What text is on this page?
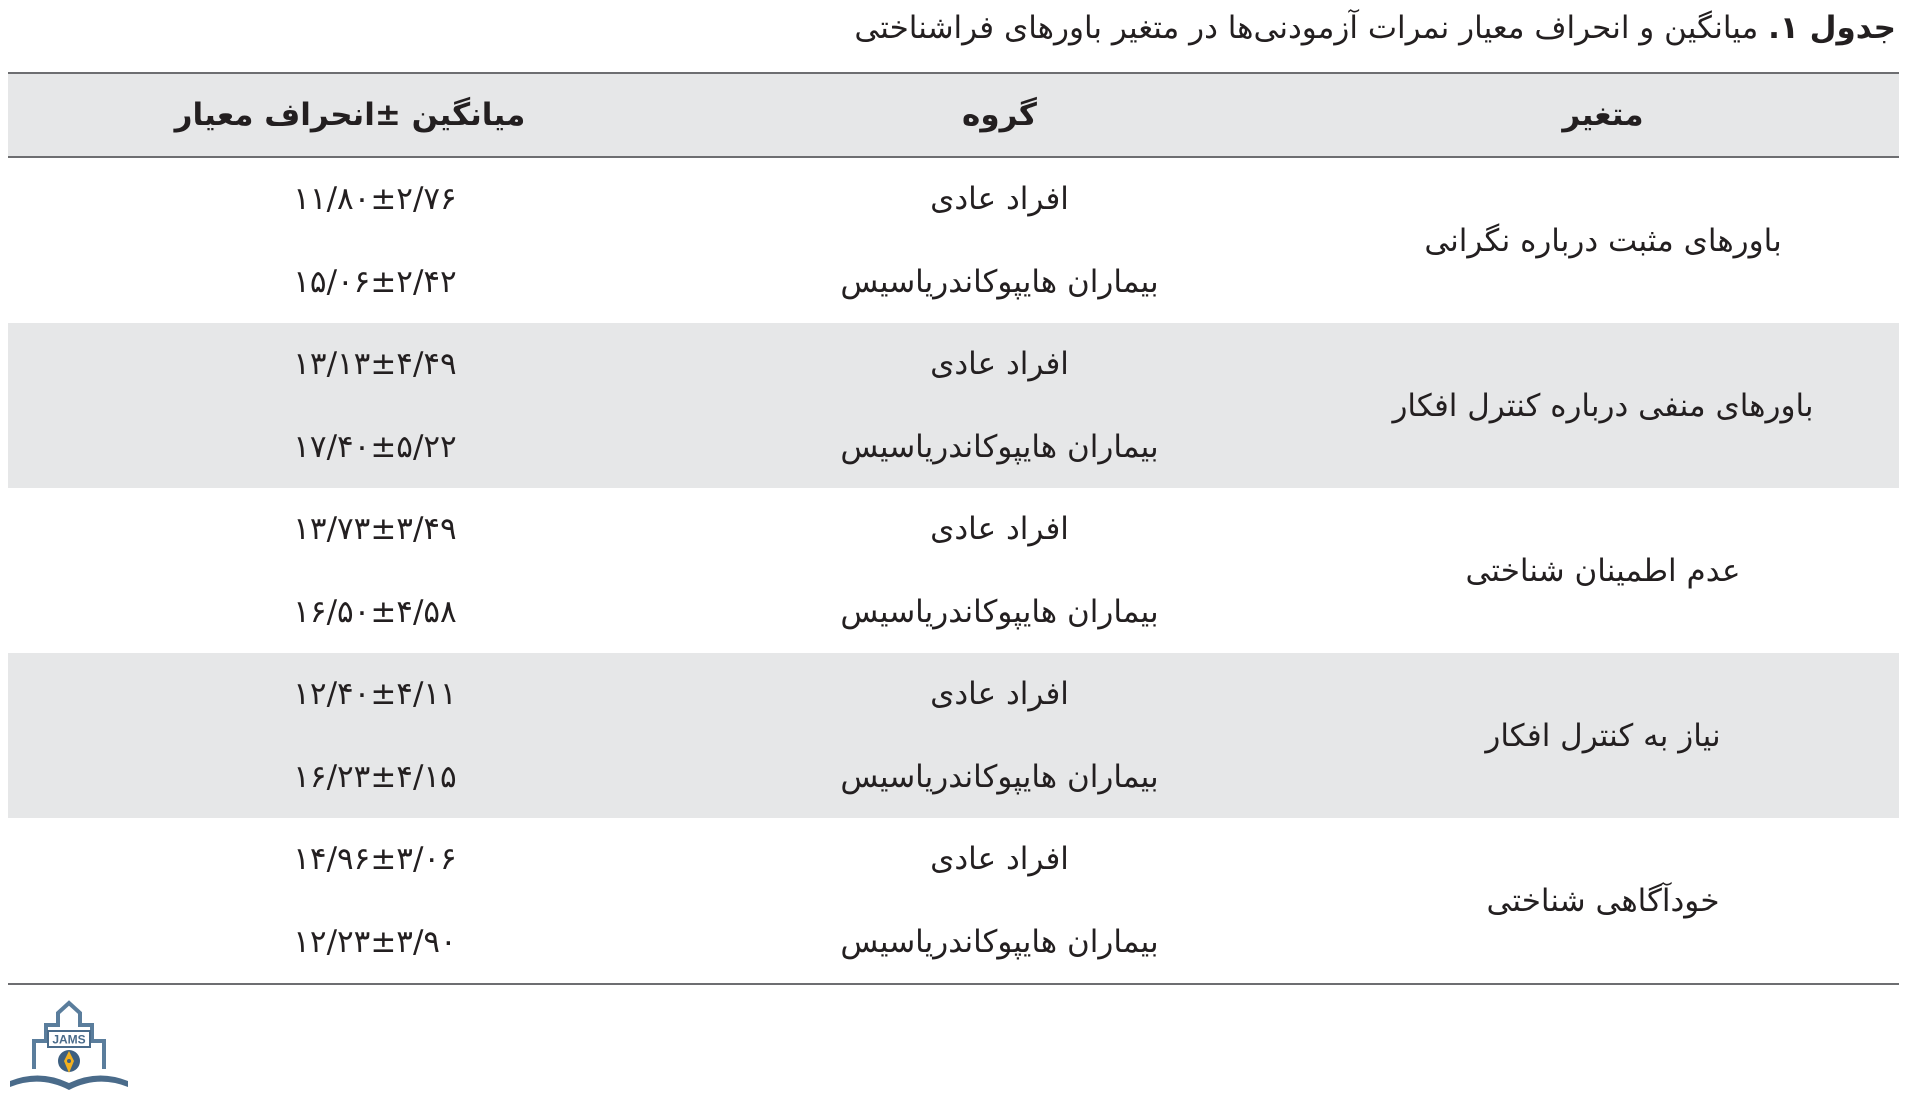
جدول ۱. میانگین و انحراف معیار نمرات آزمودنی‌ها در متغیر باورهای فراشناختی
متغیر
گروه
میانگین ±انحراف معیار
باورهای مثبت درباره نگرانی
افراد عادی
۱۱/۸۰±۲/۷۶
بیماران هایپوکاندریاسیس
۱۵/۰۶±۲/۴۲
باورهای منفی درباره کنترل افکار
افراد عادی
۱۳/۱۳±۴/۴۹
بیماران هایپوکاندریاسیس
۱۷/۴۰±۵/۲۲
عدم اطمینان شناختی
افراد عادی
۱۳/۷۳±۳/۴۹
بیماران هایپوکاندریاسیس
۱۶/۵۰±۴/۵۸
نیاز به کنترل افکار
افراد عادی
۱۲/۴۰±۴/۱۱
بیماران هایپوکاندریاسیس
۱۶/۲۳±۴/۱۵
خودآگاهی شناختی
افراد عادی
۱۴/۹۶±۳/۰۶
بیماران هایپوکاندریاسیس
۱۲/۲۳±۳/۹۰
JAMS
